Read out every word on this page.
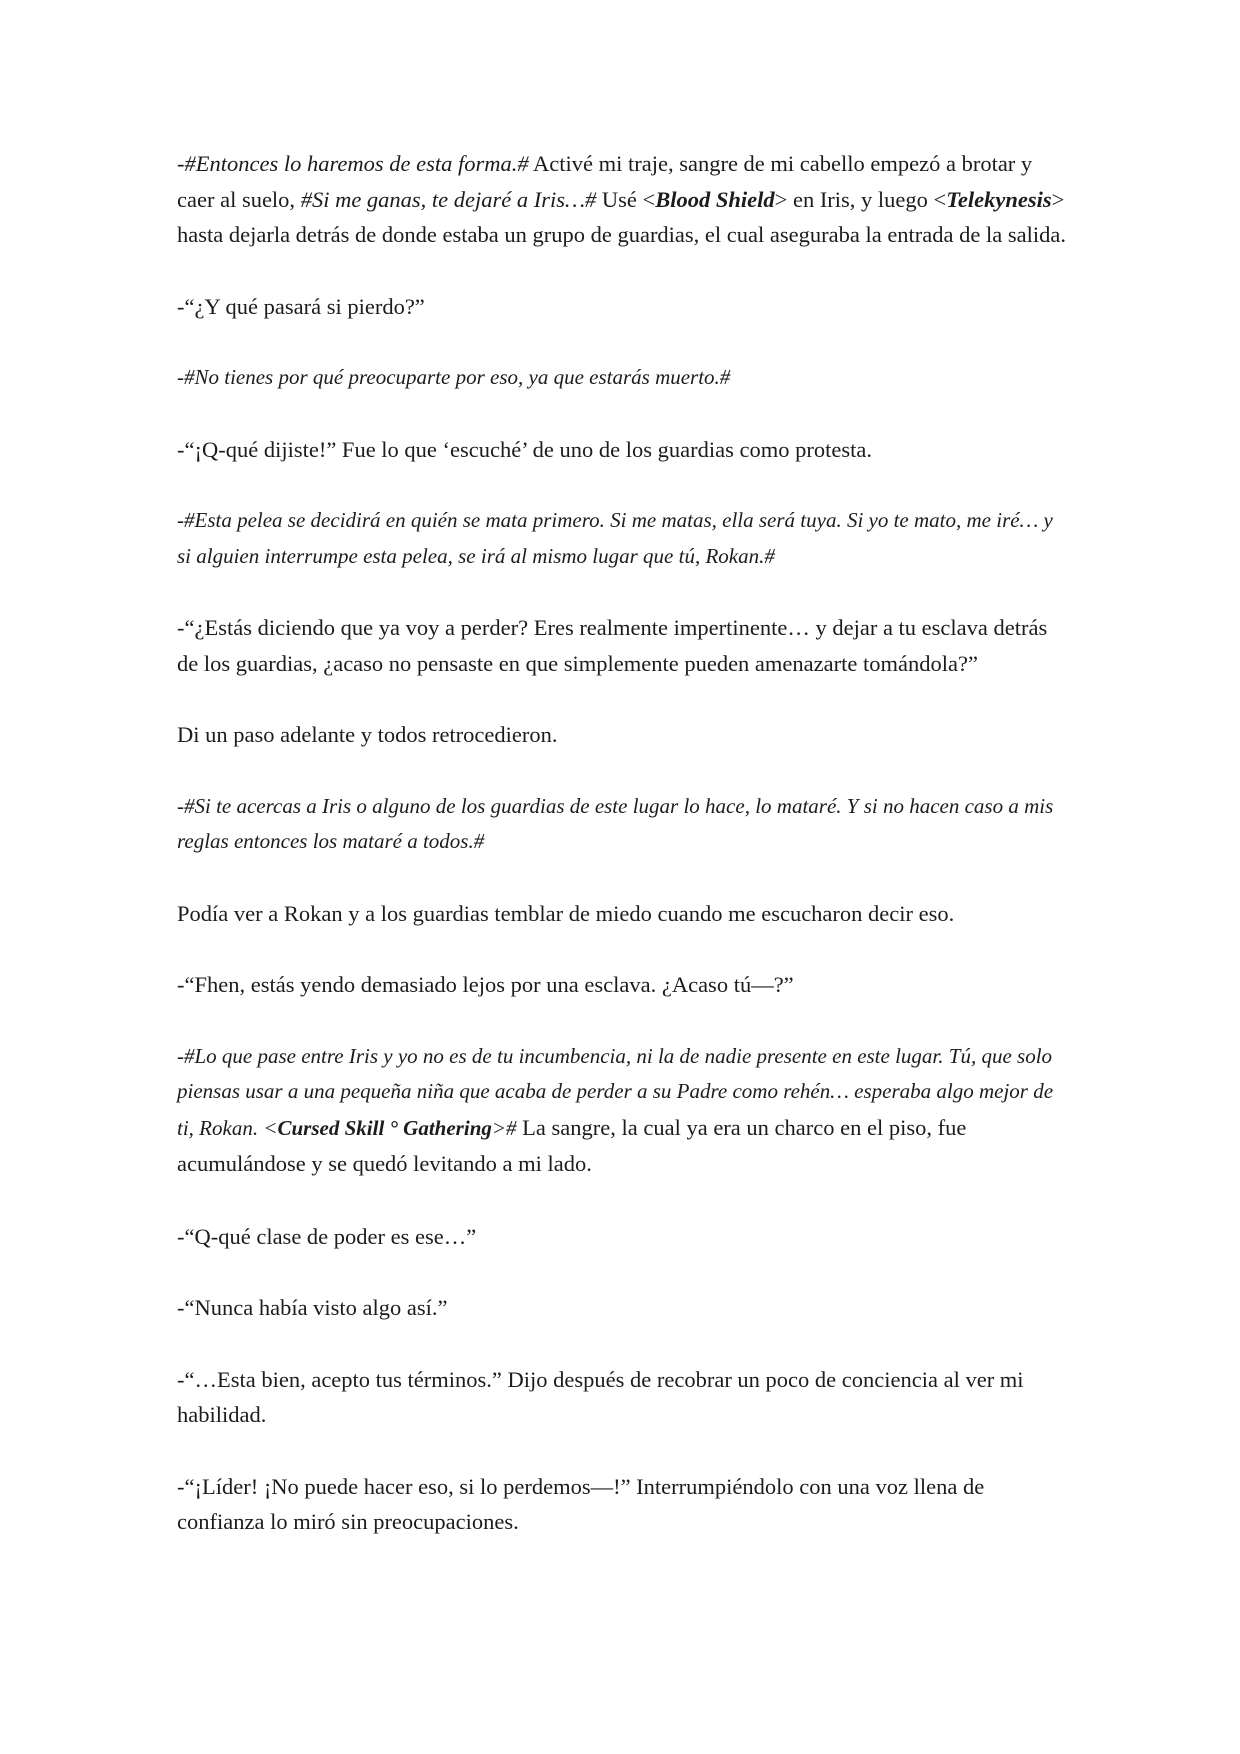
-#Entonces lo haremos de esta forma.# Activé mi traje, sangre de mi cabello empezó a brotar y caer al suelo, #Si me ganas, te dejaré a Iris…# Usé <Blood Shield> en Iris, y luego <Telekynesis> hasta dejarla detrás de donde estaba un grupo de guardias, el cual aseguraba la entrada de la salida.

-“¿Y qué pasará si pierdo?”

-#No tienes por qué preocuparte por eso, ya que estarás muerto.#

-“¡Q-qué dijiste!” Fue lo que ‘escuché’ de uno de los guardias como protesta.

-#Esta pelea se decidirá en quién se mata primero. Si me matas, ella será tuya. Si yo te mato, me iré… y si alguien interrumpe esta pelea, se irá al mismo lugar que tú, Rokan.#

-“¿Estás diciendo que ya voy a perder? Eres realmente impertinente… y dejar a tu esclava detrás de los guardias, ¿acaso no pensaste en que simplemente pueden amenazarte tomándola?”

Di un paso adelante y todos retrocedieron.

-#Si te acercas a Iris o alguno de los guardias de este lugar lo hace, lo mataré. Y si no hacen caso a mis reglas entonces los mataré a todos.#

Podía ver a Rokan y a los guardias temblar de miedo cuando me escucharon decir eso.

-“Fhen, estás yendo demasiado lejos por una esclava. ¿Acaso tú—?”

-#Lo que pase entre Iris y yo no es de tu incumbencia, ni la de nadie presente en este lugar. Tú, que solo piensas usar a una pequeña niña que acaba de perder a su Padre como rehén… esperaba algo mejor de ti, Rokan. <Cursed Skill ° Gathering># La sangre, la cual ya era un charco en el piso, fue acumulándose y se quedó levitando a mi lado.

-“Q-qué clase de poder es ese…”

-“Nunca había visto algo así.”

-“…Esta bien, acepto tus términos.” Dijo después de recobrar un poco de conciencia al ver mi habilidad.

-“¡Líder! ¡No puede hacer eso, si lo perdemos—!” Interrumpiéndolo con una voz llena de confianza lo miró sin preocupaciones.
